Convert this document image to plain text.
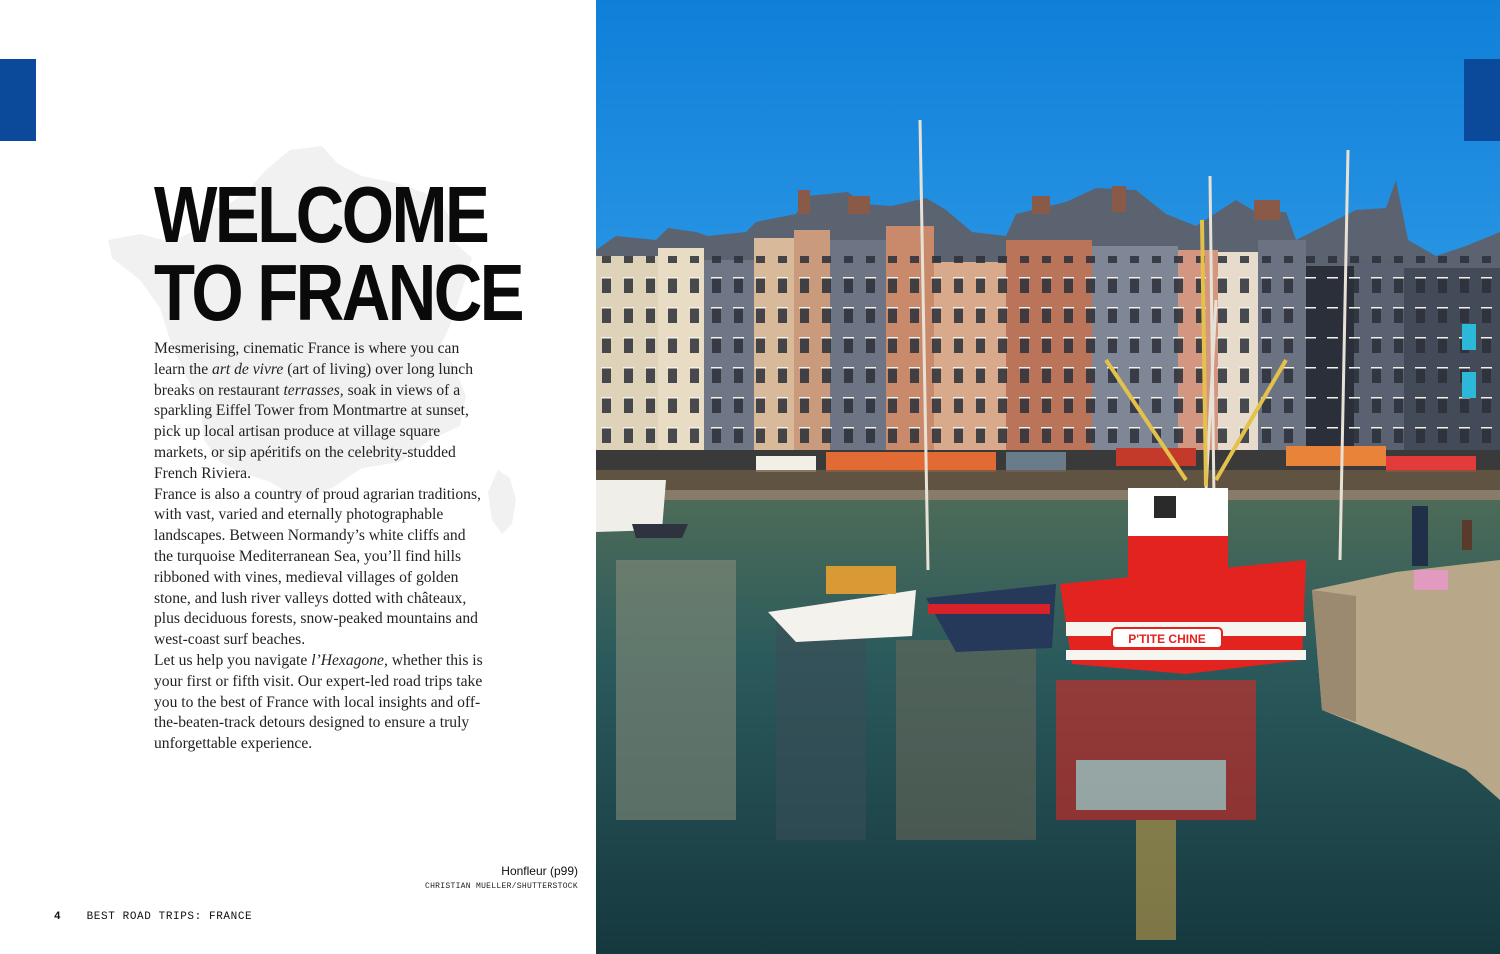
WELCOME
TO FRANCE

Mesmerising, cinematic France is where you can learn the art de vivre (art of living) over long lunch breaks on restaurant terrasses, soak in views of a sparkling Eiffel Tower from Montmartre at sunset, pick up local artisan produce at village square markets, or sip apéritifs on the celebrity-studded French Riviera.

France is also a country of proud agrarian traditions, with vast, varied and eternally photographable landscapes. Between Normandy’s white cliffs and the turquoise Mediterranean Sea, you’ll find hills ribboned with vines, medieval villages of golden stone, and lush river valleys dotted with châteaux, plus deciduous forests, snow-peaked mountains and west-coast surf beaches.

Let us help you navigate l’Hexagone, whether this is your first or fifth visit. Our expert-led road trips take you to the best of France with local insights and off-the-beaten-track detours designed to ensure a truly unforgettable experience.

Honfleur (p99)
CHRISTIAN MUELLER/SHUTTERSTOCK
4 BEST ROAD TRIPS: FRANCE
P'TITE CHINE
